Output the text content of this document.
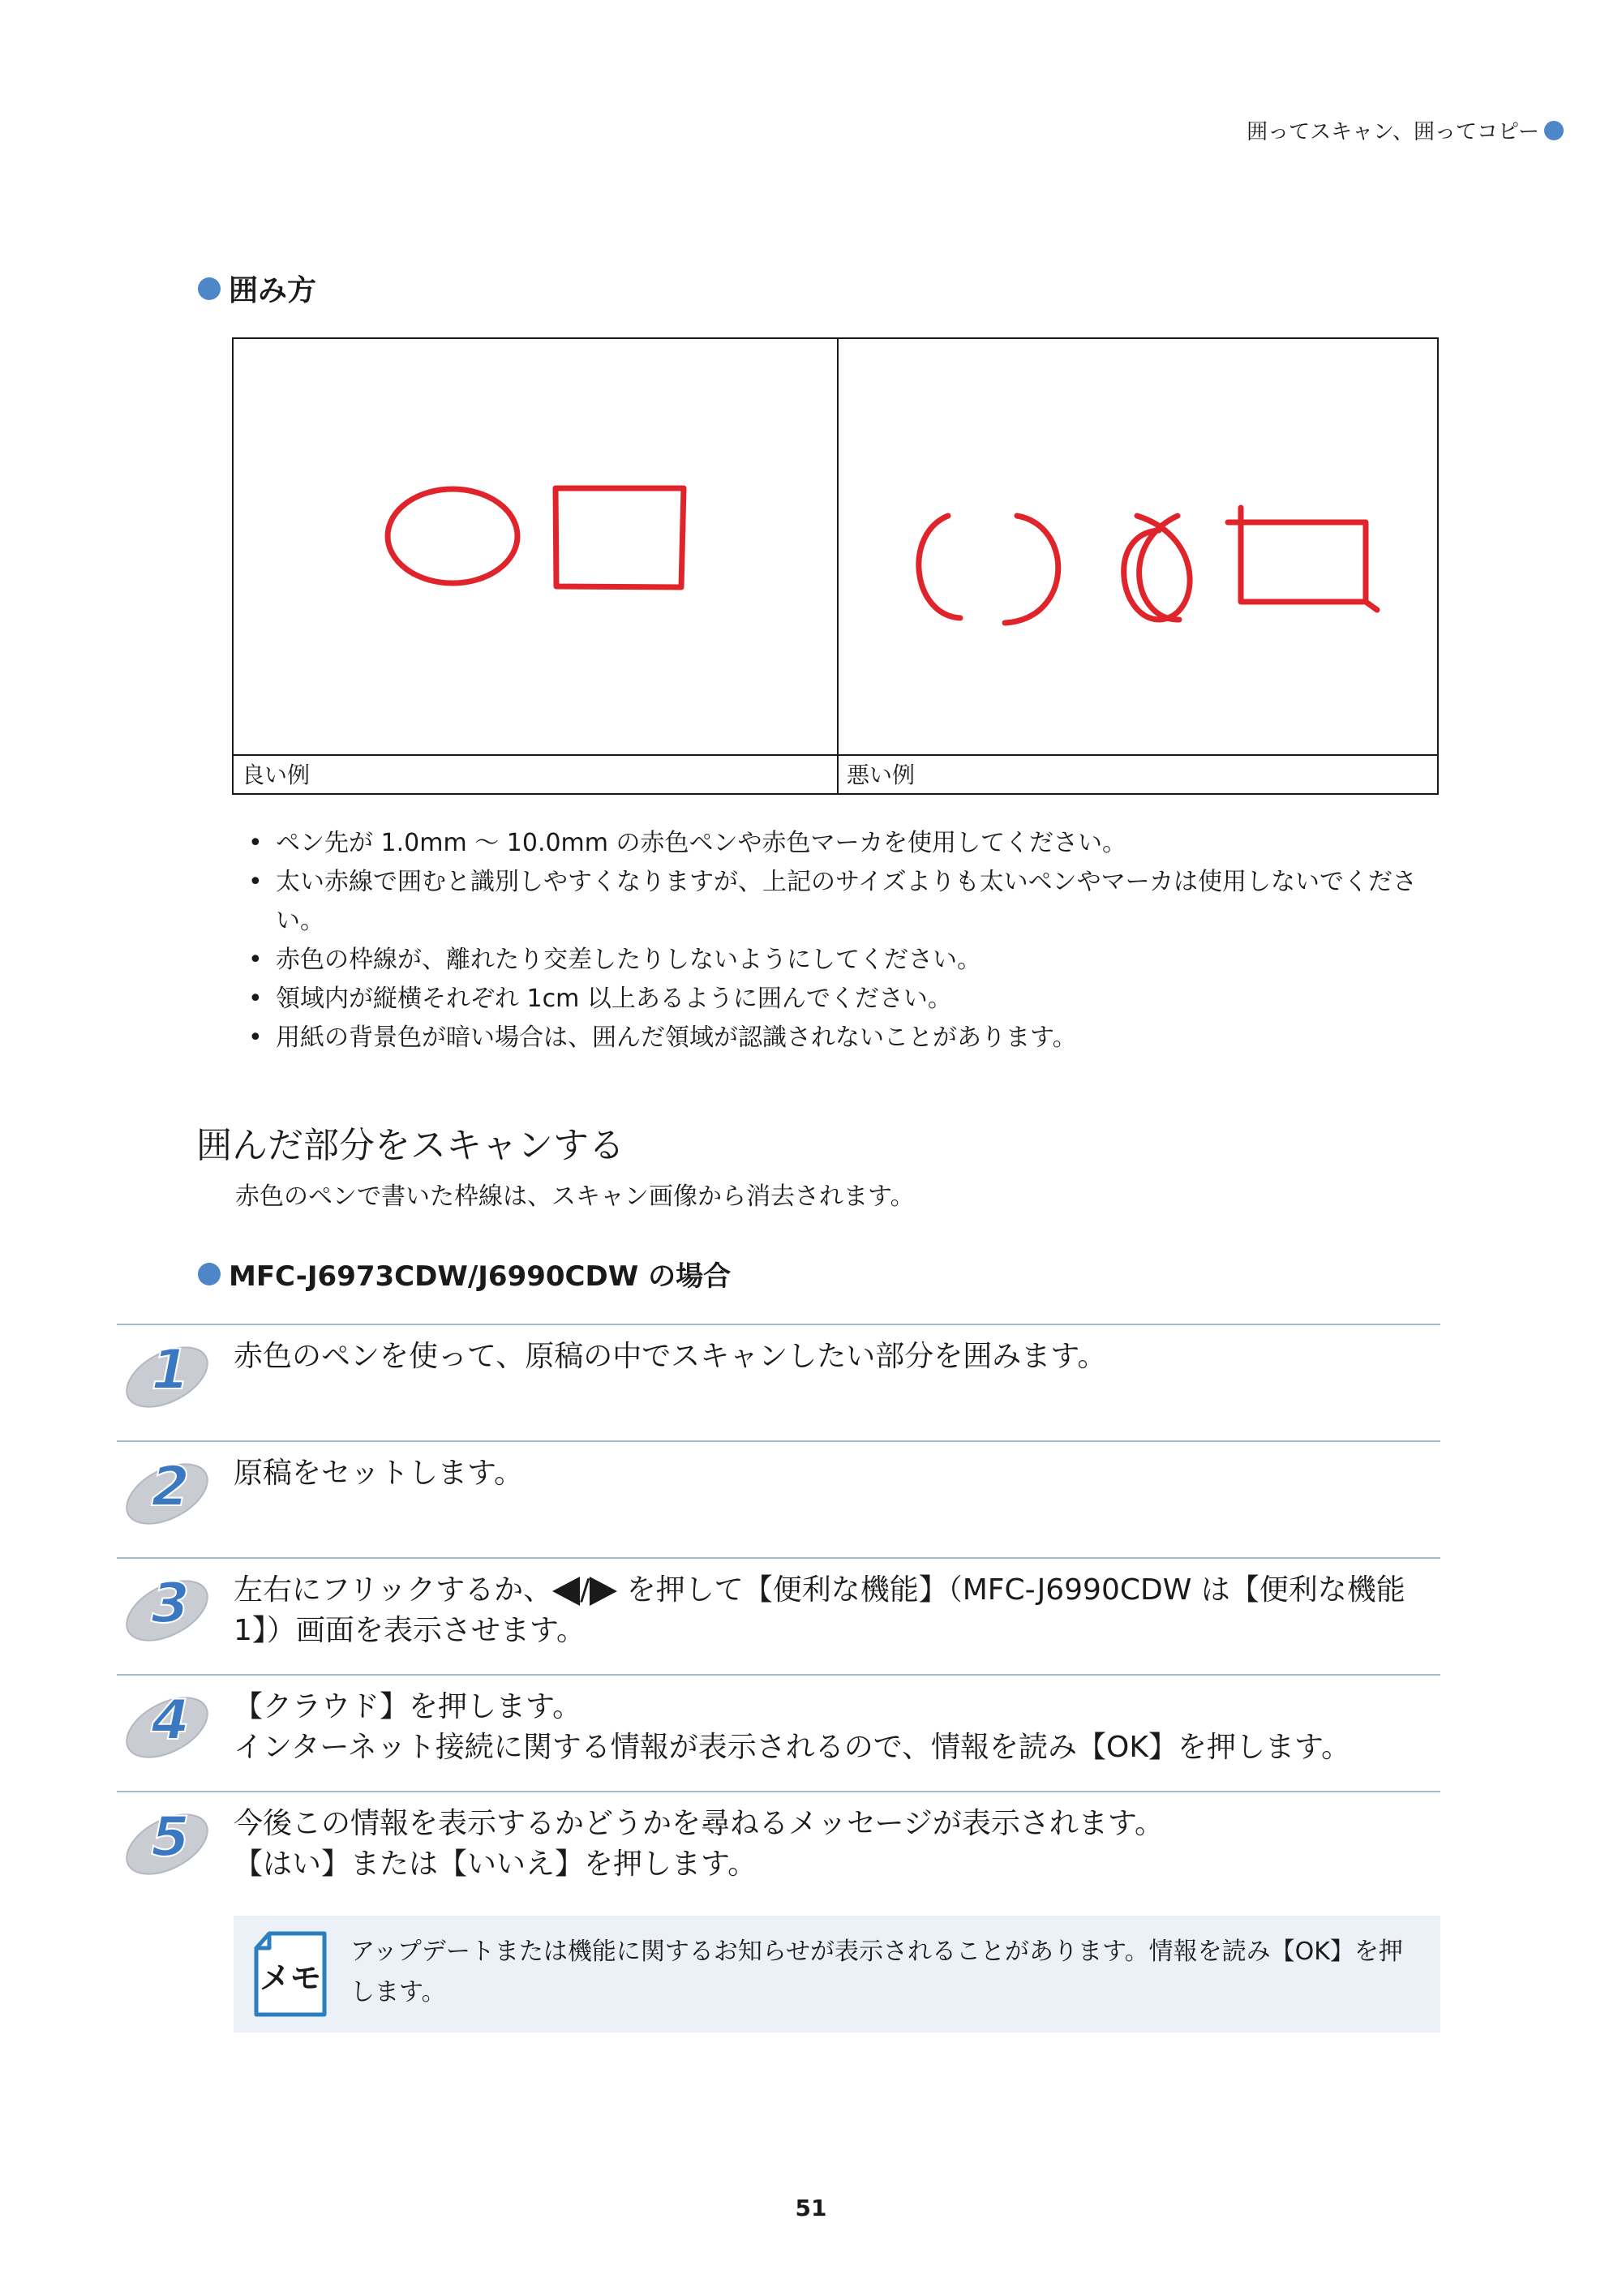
囲ってスキャン、囲ってコピー
囲み方
良い例	悪い例
• ペン先が 1.0mm ～ 10.0mm の赤色ペンや赤色マーカを使用してください。
• 太い赤線で囲むと識別しやすくなりますが、上記のサイズよりも太いペンやマーカは使用しないでください。
• 赤色の枠線が、離れたり交差したりしないようにしてください。
• 領域内が縦横それぞれ 1cm 以上あるように囲んでください。
• 用紙の背景色が暗い場合は、囲んだ領域が認識されないことがあります。
囲んだ部分をスキャンする
赤色のペンで書いた枠線は、スキャン画像から消去されます。
MFC-J6973CDW/J6990CDW の場合
1 赤色のペンを使って、原稿の中でスキャンしたい部分を囲みます。
2 原稿をセットします。
3 左右にフリックするか、 / を押して【便利な機能】（MFC-J6990CDW は【便利な機能 1】）画面を表示させます。
4 【クラウド】を押します。
インターネット接続に関する情報が表示されるので、情報を読み【OK】を押します。
5 今後この情報を表示するかどうかを尋ねるメッセージが表示されます。
【はい】または【いいえ】を押します。
メモ
アップデートまたは機能に関するお知らせが表示されることがあります。情報を読み【OK】を押します。
51
